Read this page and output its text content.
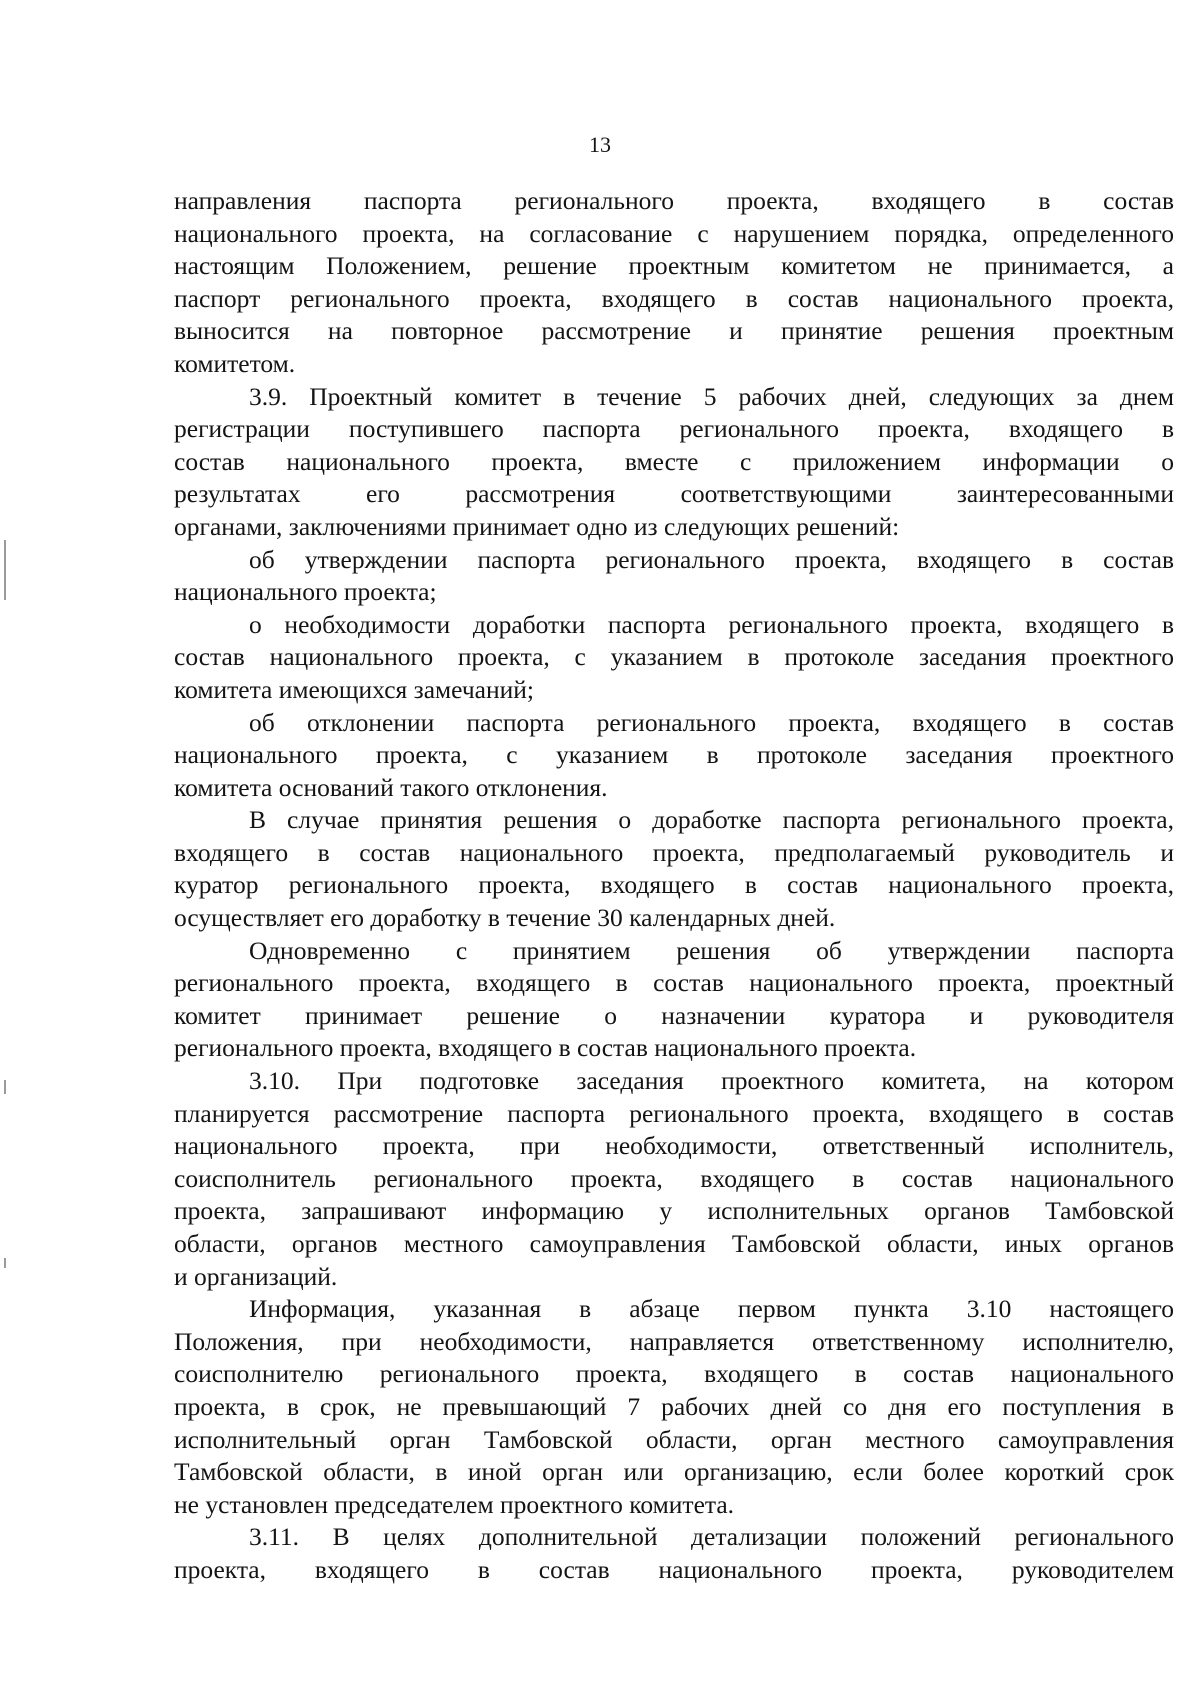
13
направления паспорта регионального проекта, входящего в состав
национального проекта, на согласование с нарушением порядка, определенного
настоящим Положением, решение проектным комитетом не принимается, а
паспорт регионального проекта, входящего в состав национального проекта,
выносится на повторное рассмотрение и принятие решения проектным
комитетом.
3.9. Проектный комитет в течение 5 рабочих дней, следующих за днем
регистрации поступившего паспорта регионального проекта, входящего в
состав национального проекта, вместе с приложением информации о
результатах его рассмотрения соответствующими заинтересованными
органами, заключениями принимает одно из следующих решений:
об утверждении паспорта регионального проекта, входящего в состав
национального проекта;
о необходимости доработки паспорта регионального проекта, входящего в
состав национального проекта, с указанием в протоколе заседания проектного
комитета имеющихся замечаний;
об отклонении паспорта регионального проекта, входящего в состав
национального проекта, с указанием в протоколе заседания проектного
комитета оснований такого отклонения.
В случае принятия решения о доработке паспорта регионального проекта,
входящего в состав национального проекта, предполагаемый руководитель и
куратор регионального проекта, входящего в состав национального проекта,
осуществляет его доработку в течение 30 календарных дней.
Одновременно с принятием решения об утверждении паспорта
регионального проекта, входящего в состав национального проекта, проектный
комитет принимает решение о назначении куратора и руководителя
регионального проекта, входящего в состав национального проекта.
3.10. При подготовке заседания проектного комитета, на котором
планируется рассмотрение паспорта регионального проекта, входящего в состав
национального проекта, при необходимости, ответственный исполнитель,
соисполнитель регионального проекта, входящего в состав национального
проекта, запрашивают информацию у исполнительных органов Тамбовской
области, органов местного самоуправления Тамбовской области, иных органов
и организаций.
Информация, указанная в абзаце первом пункта 3.10 настоящего
Положения, при необходимости, направляется ответственному исполнителю,
соисполнителю регионального проекта, входящего в состав национального
проекта, в срок, не превышающий 7 рабочих дней со дня его поступления в
исполнительный орган Тамбовской области, орган местного самоуправления
Тамбовской области, в иной орган или организацию, если более короткий срок
не установлен председателем проектного комитета.
3.11. В целях дополнительной детализации положений регионального
проекта, входящего в состав национального проекта, руководителем
